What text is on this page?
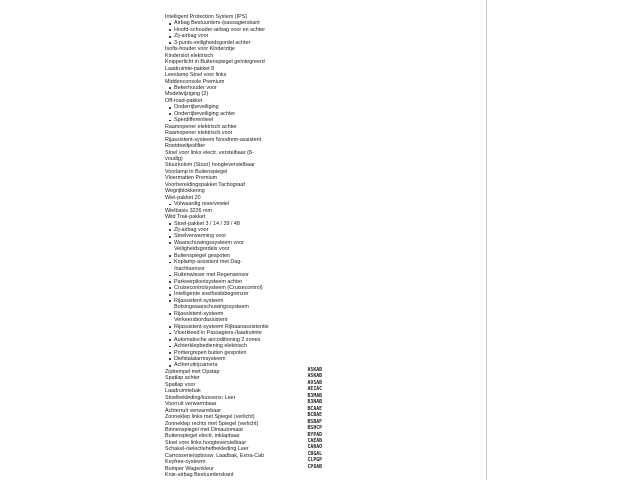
Intelligent Protection System (IPS)
Airbag Bestuurders-/passagierskant
Hoofd-schouder-airbag voor en achter
Zij-airbag voor
3-punts-veiligheidsgordel achter
Isofix-houder voor Kinderzitje
Kinderslot elektrisch
Knipperlicht in Buitenspiegel geïntegreerd
Laadruimte-pakket 8
Leeslamp Stoel voor links
Middenconsole Premium
Bekerhouder voor
Modelwijziging (2)
Off-road-pakket
Onderrijbeveiliging
Onderrijbeveiliging achter
Sperdifferentieel
Raamopener elektrisch achter
Raamopener elektrisch voor
Rijassistent-systeem Noodrem-assistent
Roetdeeltjesfilter
Stoel voor links electr. verstelbaar (8-
voudig)
Stuurkolom (Stuur) hoogteverstelbaar
Voorlamp in Buitenspiegel
Vloermatten Premium
Voorbereidingspakket Tachograaf
Wegrijblokkering
Wiel-pakket 20
Volwaardig reservewiel
Wielbasis 3226 mm
Wild Trak-pakket
Stoel-pakket 3 / 14 / 39 / 48
Zij-airbag voor
Stoelverwarming voor
Waarschuwingssysteem voor
Veiligheidsgordels voor
Buitenspiegel gespoten
Koplamp-assistent met Dag-
/nachtsensor
Ruitenwisser met Regensensor
Parkeerpilootsysteem achter
Cruisecontrolsysteem (Cruisecontrol)
Intelligente snelheidsbegrenzer
Rijassistent-systeem
Botsingwaarschuwingssysteem
Rijassistent-systeem
Verkeersbordassistent
Rijassistent-systeem Rijbaanassistentie
Vloerkleed in Passagiers-/laadruimte
Automatische aircoditioning 2 zones
Achterklepbediening elektrisch
Portiergrepen buiten gespoten
Diefstalalarmsysteem
Achteruitrijcamera
Zijdrempel met Opstap
Spatlap achter
Spatlap voor
Laadruimtebak
Stoelbekleding/kussens: Leer
Voorruit verwarmbaar
Achterruit verwarmbaar
Zonneklep links met Spiegel (verlicht)
Zonneklep rechts met Spiegel (verlicht)
Binnenspiegel met Dimautomaat
Buitenspiegel electr. inklapbaar
Stoel voor links hoogteverstelbaar
Schakel-/selectiehefbekleding Leer
Carrosserie/opbouw: Laadbak, Extra-Cab
Keyfree-systeem
Bumper Wagenkleur
Knie-airbag Bestuurderskant
A5KAB
A5KAB
A9SAB
AEIAC
B3MAB
B3NAB
BCAAE
BCBAE
BSBAF
BSHCP
BYPAD
CAEAB
CARAO
CBGAL
CLPGP
CP8AB
